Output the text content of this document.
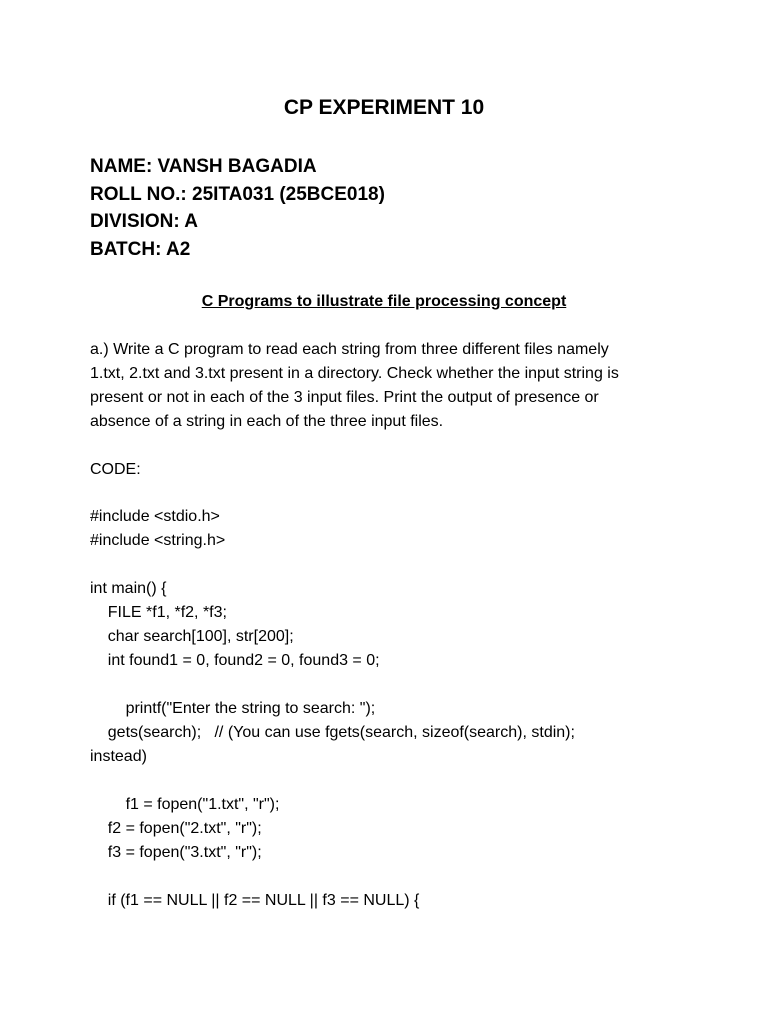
CP EXPERIMENT 10
NAME: VANSH BAGADIA
ROLL NO.: 25ITA031 (25BCE018)
DIVISION: A
BATCH: A2
C Programs to illustrate file processing concept
a.) Write a C program to read each string from three different files namely
1.txt, 2.txt and 3.txt present in a directory. Check whether the input string is
present or not in each of the 3 input files. Print the output of presence or
absence of a string in each of the three input files.
CODE:
#include <stdio.h>
#include <string.h>
int main() {
FILE *f1, *f2, *f3;
char search[100], str[200];
int found1 = 0, found2 = 0, found3 = 0;
printf("Enter the string to search: ");
gets(search);   // (You can use fgets(search, sizeof(search), stdin);
instead)
f1 = fopen("1.txt", "r");
f2 = fopen("2.txt", "r");
f3 = fopen("3.txt", "r");
if (f1 == NULL || f2 == NULL || f3 == NULL) {
